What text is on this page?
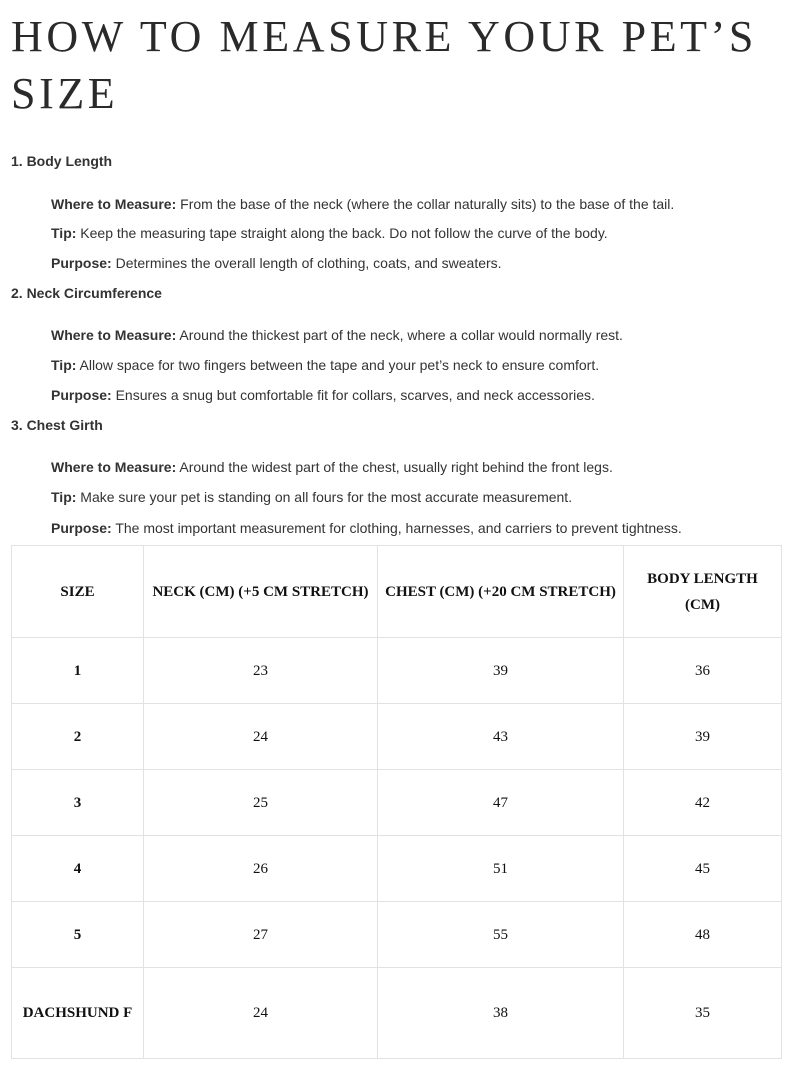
HOW TO MEASURE YOUR PET’S SIZE
1. Body Length

Where to Measure: From the base of the neck (where the collar naturally sits) to the base of the tail.

Tip: Keep the measuring tape straight along the back. Do not follow the curve of the body.

Purpose: Determines the overall length of clothing, coats, and sweaters.

2. Neck Circumference

Where to Measure: Around the thickest part of the neck, where a collar would normally rest.

Tip: Allow space for two fingers between the tape and your pet’s neck to ensure comfort.

Purpose: Ensures a snug but comfortable fit for collars, scarves, and neck accessories.

3. Chest Girth

Where to Measure: Around the widest part of the chest, usually right behind the front legs.

Tip: Make sure your pet is standing on all fours for the most accurate measurement.

Purpose: The most important measurement for clothing, harnesses, and carriers to prevent tightness.

SIZE	NECK (CM) (+5 CM STRETCH)	CHEST (CM) (+20 CM STRETCH)	BODY LENGTH (CM)
1	23	39	36
2	24	43	39
3	25	47	42
4	26	51	45
5	27	55	48
DACHSHUND F	24	38	35
